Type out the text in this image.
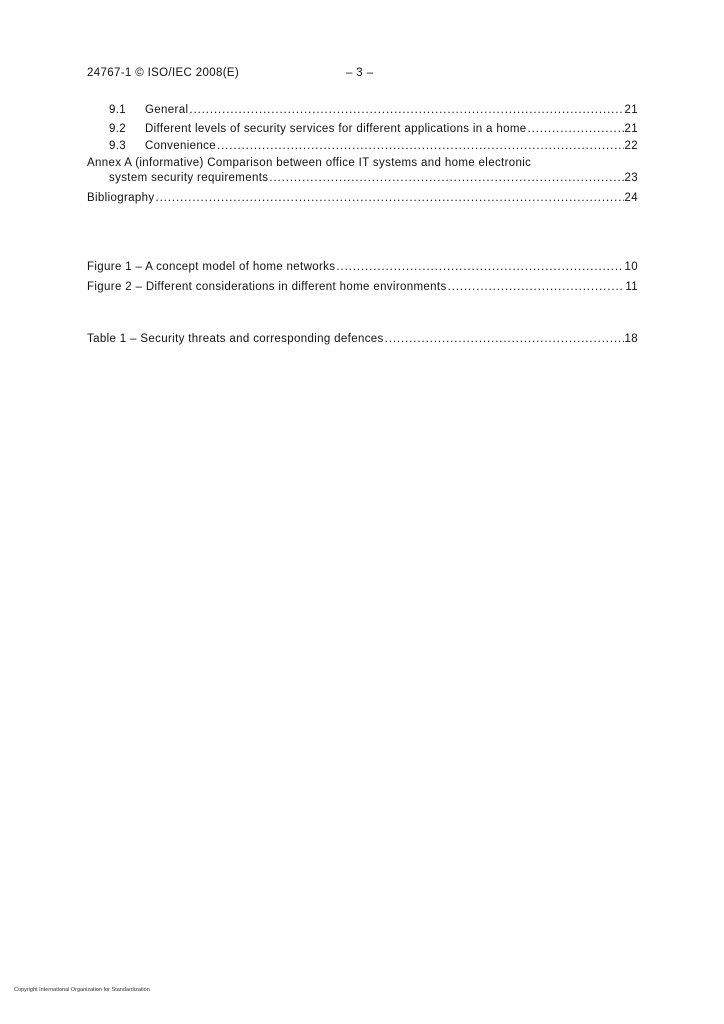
24767-1 © ISO/IEC 2008(E)	– 3 –
9.1	General .....	21
9.2	Different levels of security services for different applications in a home .....	21
9.3	Convenience .....	22
Annex A (informative) Comparison between office IT systems and home electronic
system security requirements .....	23
Bibliography .....	24
Figure 1 – A concept model of home networks .....	10
Figure 2 – Different considerations in different home environments .....	11
Table 1 – Security threats and corresponding defences .....	18
Copyright International Organization for Standardization
